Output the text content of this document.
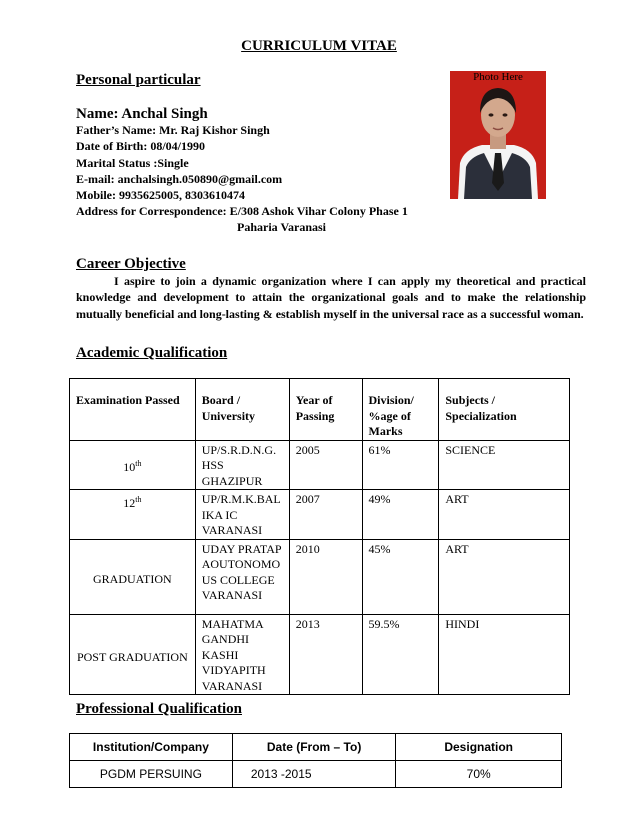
CURRICULUM VITAE
Personal particular	Photo Here
Name: Anchal Singh
Father’s Name: Mr. Raj Kishor Singh
Date of Birth: 08/04/1990
Marital Status :Single
E-mail: anchalsingh.050890@gmail.com
Mobile: 9935625005, 8303610474
Address for Correspondence: E/308 Ashok Vihar Colony Phase 1
Paharia Varanasi
Career Objective
I aspire to join a dynamic organization where I can apply my theoretical and practical knowledge and development to attain the organizational goals and to make the relationship mutually beneficial and long-lasting & establish myself in the universal race as a successful woman.
Academic Qualification
Examination Passed	Board / University	Year of Passing	Division/ %age of Marks	Subjects / Specialization
10th	UP/S.R.D.N.G. HSS GHAZIPUR	2005	61%	SCIENCE
12th	UP/R.M.K.BAL IKA IC VARANASI	2007	49%	ART
GRADUATION	UDAY PRATAP AOUTONOMO US COLLEGE VARANASI	2010	45%	ART
POST GRADUATION	MAHATMA GANDHI KASHI VIDYAPITH VARANASI	2013	59.5%	HINDI
Professional Qualification
Institution/Company	Date (From – To)	Designation
PGDM PERSUING	2013 -2015	70%
